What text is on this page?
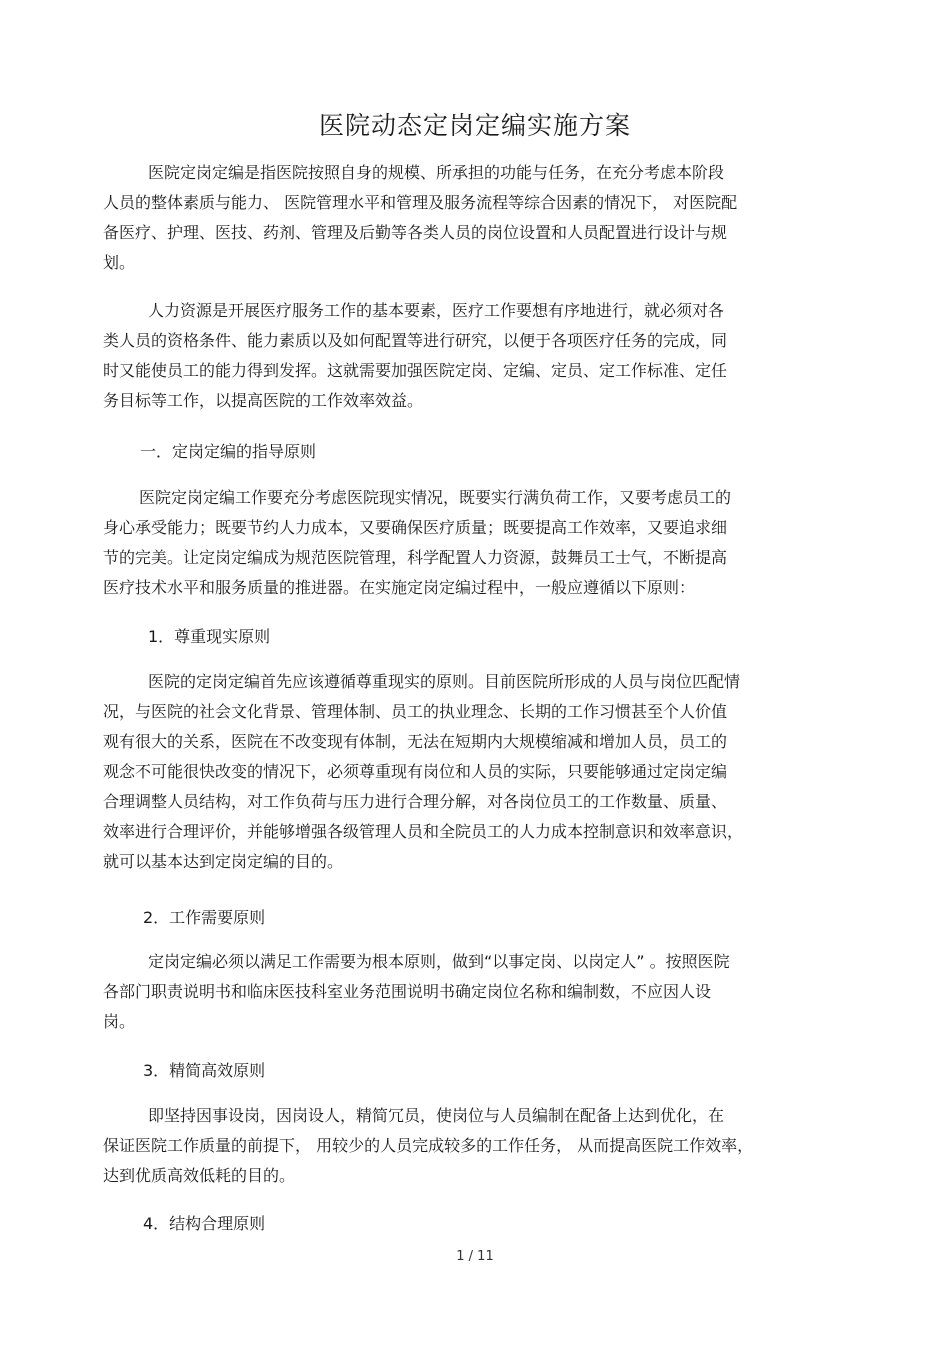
医院动态定岗定编实施方案
医院定岗定编是指医院按照自身的规模、所承担的功能与任务，在充分考虑本阶段
人员的整体素质与能力、 医院管理水平和管理及服务流程等综合因素的情况下， 对医院配
备医疗、护理、医技、药剂、管理及后勤等各类人员的岗位设置和人员配置进行设计与规
划。
人力资源是开展医疗服务工作的基本要素，医疗工作要想有序地进行，就必须对各
类人员的资格条件、能力素质以及如何配置等进行研究，以便于各项医疗任务的完成，同
时又能使员工的能力得到发挥。这就需要加强医院定岗、定编、定员、定工作标准、定任
务目标等工作，以提高医院的工作效率效益。
一．定岗定编的指导原则
医院定岗定编工作要充分考虑医院现实情况，既要实行满负荷工作，又要考虑员工的
身心承受能力；既要节约人力成本，又要确保医疗质量；既要提高工作效率，又要追求细
节的完美。让定岗定编成为规范医院管理，科学配置人力资源，鼓舞员工士气，不断提高
医疗技术水平和服务质量的推进器。在实施定岗定编过程中，一般应遵循以下原则：
1．尊重现实原则
医院的定岗定编首先应该遵循尊重现实的原则。目前医院所形成的人员与岗位匹配情
况，与医院的社会文化背景、管理体制、员工的执业理念、长期的工作习惯甚至个人价值
观有很大的关系，医院在不改变现有体制，无法在短期内大规模缩减和增加人员，员工的
观念不可能很快改变的情况下，必须尊重现有岗位和人员的实际，只要能够通过定岗定编
合理调整人员结构，对工作负荷与压力进行合理分解，对各岗位员工的工作数量、质量、
效率进行合理评价，并能够增强各级管理人员和全院员工的人力成本控制意识和效率意识，
就可以基本达到定岗定编的目的。
2．工作需要原则
定岗定编必须以满足工作需要为根本原则，做到“以事定岗、以岗定人” 。按照医院
各部门职责说明书和临床医技科室业务范围说明书确定岗位名称和编制数，不应因人设
岗。
3．精简高效原则
即坚持因事设岗，因岗设人，精简冗员，使岗位与人员编制在配备上达到优化，在
保证医院工作质量的前提下， 用较少的人员完成较多的工作任务， 从而提高医院工作效率，
达到优质高效低耗的目的。
4．结构合理原则
1 / 11
